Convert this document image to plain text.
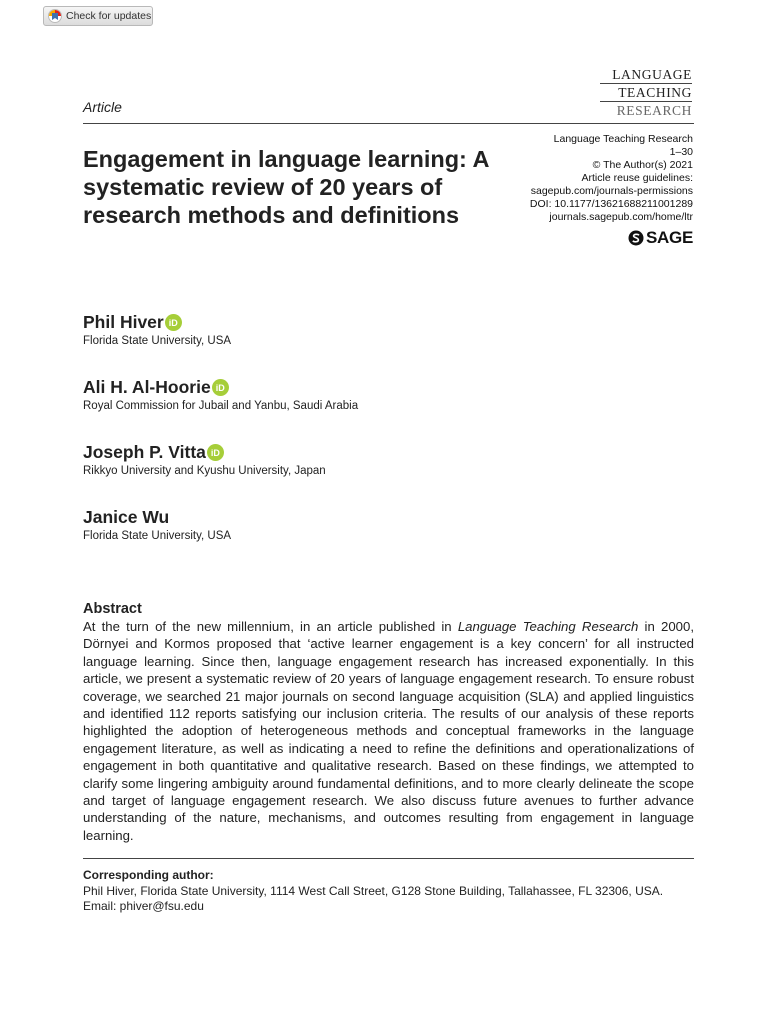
Check for updates
LANGUAGE
TEACHING
RESEARCH
Article
Language Teaching Research
1–30
© The Author(s) 2021
Article reuse guidelines:
sagepub.com/journals-permissions
DOI: 10.1177/13621688211001289
journals.sagepub.com/home/ltr
SAGE
Engagement in language learning: A systematic review of 20 years of research methods and definitions
Phil Hiver iD
Florida State University, USA
Ali H. Al-Hoorie iD
Royal Commission for Jubail and Yanbu, Saudi Arabia
Joseph P. Vitta iD
Rikkyo University and Kyushu University, Japan
Janice Wu
Florida State University, USA
Abstract
At the turn of the new millennium, in an article published in Language Teaching Research in 2000, Dörnyei and Kormos proposed that ‘active learner engagement is a key concern’ for all instructed language learning. Since then, language engagement research has increased exponentially. In this article, we present a systematic review of 20 years of language engagement research. To ensure robust coverage, we searched 21 major journals on second language acquisition (SLA) and applied linguistics and identified 112 reports satisfying our inclusion criteria. The results of our analysis of these reports highlighted the adoption of heterogeneous methods and conceptual frameworks in the language engagement literature, as well as indicating a need to refine the definitions and operationalizations of engagement in both quantitative and qualitative research. Based on these findings, we attempted to clarify some lingering ambiguity around fundamental definitions, and to more clearly delineate the scope and target of language engagement research. We also discuss future avenues to further advance understanding of the nature, mechanisms, and outcomes resulting from engagement in language learning.
Corresponding author:
Phil Hiver, Florida State University, 1114 West Call Street, G128 Stone Building, Tallahassee, FL 32306, USA.
Email: phiver@fsu.edu
